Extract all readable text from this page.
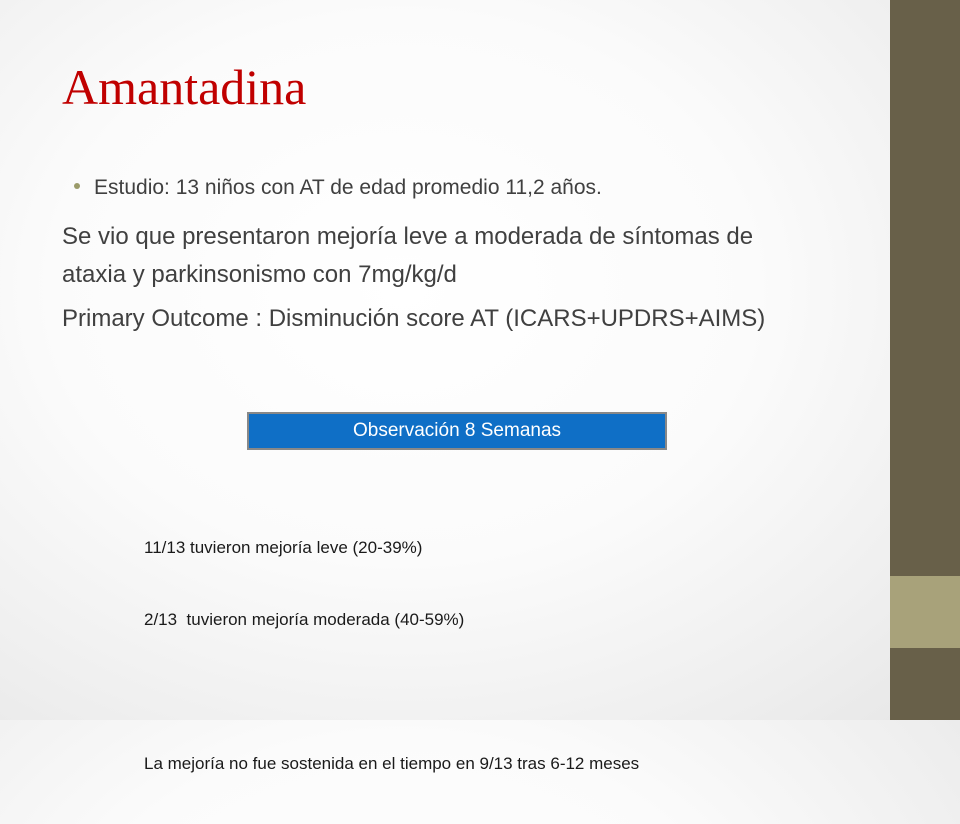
Amantadina
Estudio: 13 niños con AT de edad promedio 11,2 años.
Se vio que presentaron mejoría leve a moderada de síntomas de
ataxia y parkinsonismo con 7mg/kg/d
Primary Outcome : Disminución score AT (ICARS+UPDRS+AIMS)
Observación 8 Semanas

11/13 tuvieron mejoría leve (20-39%)

2/13  tuvieron mejoría moderada (40-59%)

La mejoría no fue sostenida en el tiempo en 9/13 tras 6-12 meses
